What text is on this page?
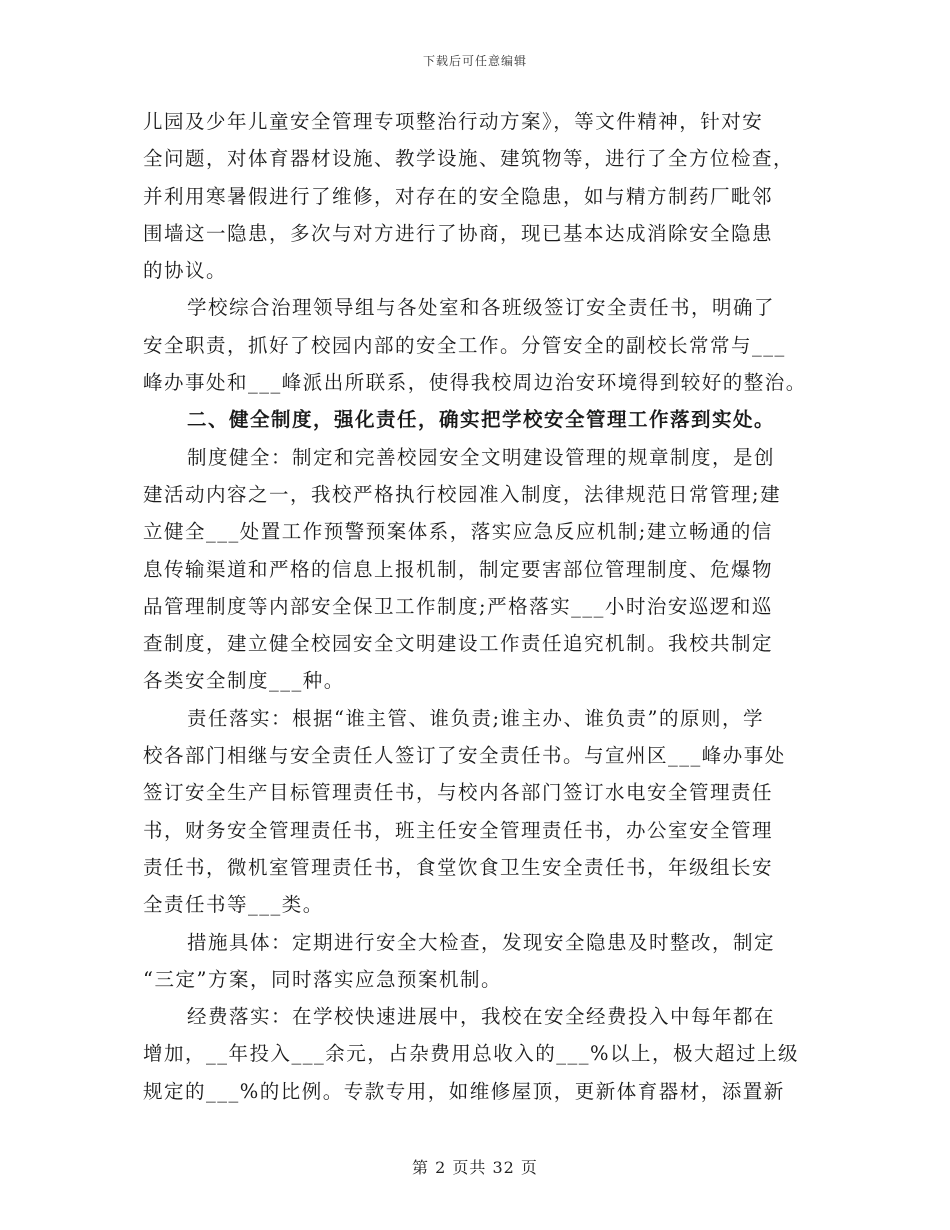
下载后可任意编辑
儿园及少年儿童安全管理专项整治行动方案》，等文件精神，针对安
全问题，对体育器材设施、教学设施、建筑物等，进行了全方位检查，
并利用寒暑假进行了维修，对存在的安全隐患，如与精方制药厂毗邻
围墙这一隐患，多次与对方进行了协商，现已基本达成消除安全隐患
的协议。
学校综合治理领导组与各处室和各班级签订安全责任书，明确了
安全职责，抓好了校园内部的安全工作。分管安全的副校长常常与___
峰办事处和___峰派出所联系，使得我校周边治安环境得到较好的整治。
二、健全制度，强化责任，确实把学校安全管理工作落到实处。
制度健全：制定和完善校园安全文明建设管理的规章制度，是创
建活动内容之一，我校严格执行校园准入制度，法律规范日常管理;建
立健全___处置工作预警预案体系，落实应急反应机制;建立畅通的信
息传输渠道和严格的信息上报机制，制定要害部位管理制度、危爆物
品管理制度等内部安全保卫工作制度;严格落实___小时治安巡逻和巡
查制度，建立健全校园安全文明建设工作责任追究机制。我校共制定
各类安全制度___种。
责任落实：根据“谁主管、谁负责;谁主办、谁负责”的原则，学
校各部门相继与安全责任人签订了安全责任书。与宣州区___峰办事处
签订安全生产目标管理责任书，与校内各部门签订水电安全管理责任
书，财务安全管理责任书，班主任安全管理责任书，办公室安全管理
责任书，微机室管理责任书，食堂饮食卫生安全责任书，年级组长安
全责任书等___类。
措施具体：定期进行安全大检查，发现安全隐患及时整改，制定
“三定”方案，同时落实应急预案机制。
经费落实：在学校快速进展中，我校在安全经费投入中每年都在
增加，__年投入___余元，占杂费用总收入的___%以上，极大超过上级
规定的___%的比例。专款专用，如维修屋顶，更新体育器材，添置新
第 2 页共 32 页
